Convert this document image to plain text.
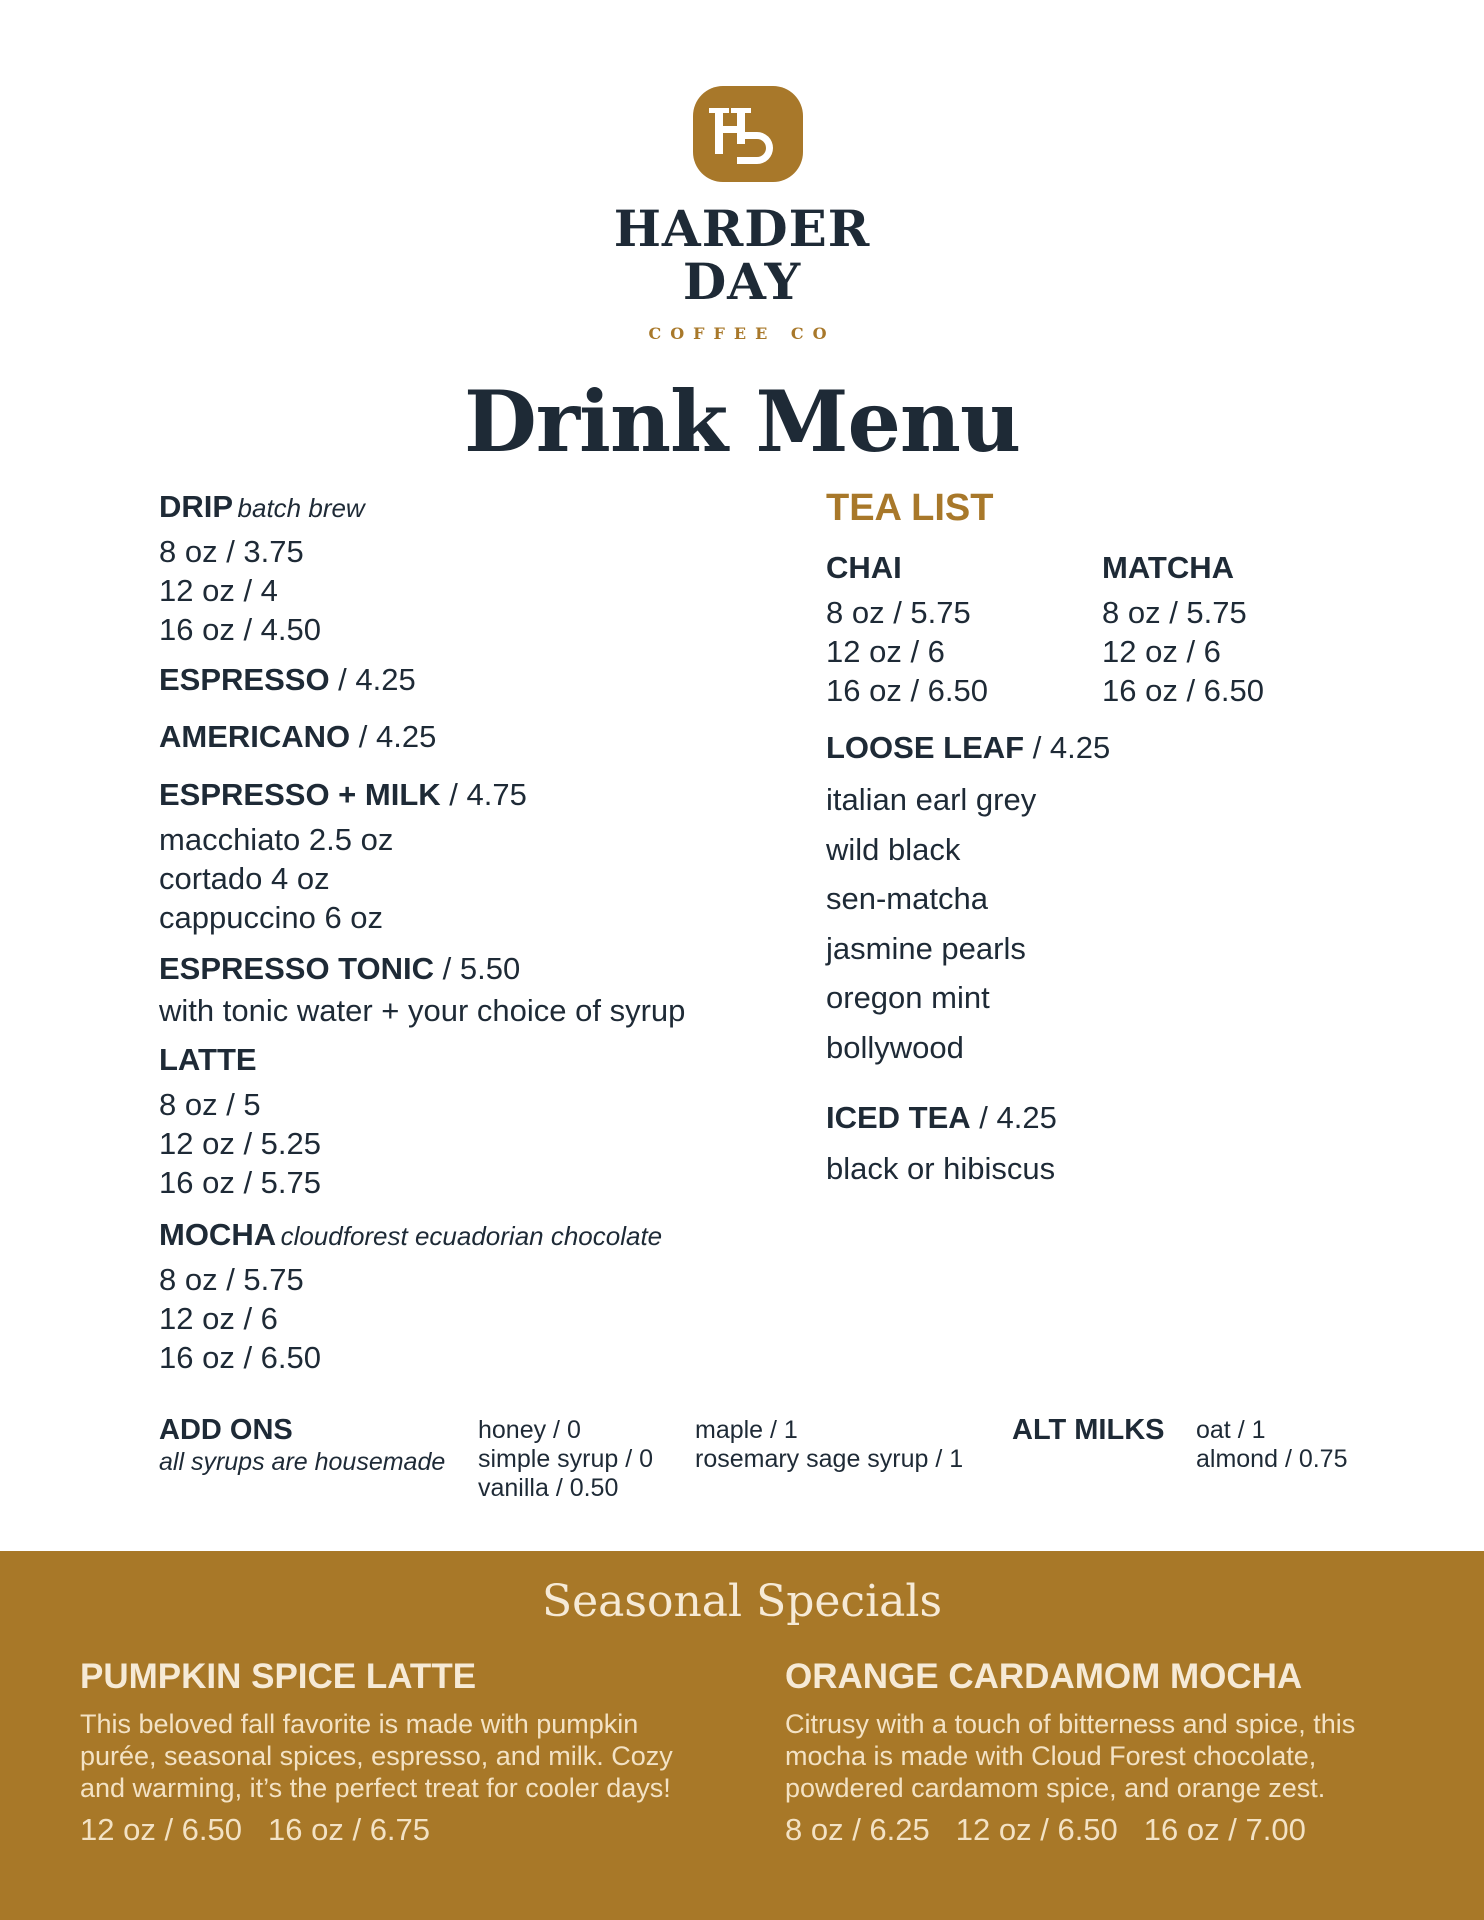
HARDER
DAY
COFFEE CO
Drink Menu
DRIP batch brew
8 oz / 3.75
12 oz / 4
16 oz / 4.50
ESPRESSO / 4.25
AMERICANO / 4.25
ESPRESSO + MILK / 4.75
macchiato 2.5 oz
cortado 4 oz
cappuccino 6 oz
ESPRESSO TONIC / 5.50
with tonic water + your choice of syrup
LATTE
8 oz / 5
12 oz / 5.25
16 oz / 5.75
MOCHA cloudforest ecuadorian chocolate
8 oz / 5.75
12 oz / 6
16 oz / 6.50
TEA LIST
CHAI
8 oz / 5.75
12 oz / 6
16 oz / 6.50
MATCHA
8 oz / 5.75
12 oz / 6
16 oz / 6.50
LOOSE LEAF / 4.25
italian earl grey
wild black
sen-matcha
jasmine pearls
oregon mint
bollywood
ICED TEA / 4.25
black or hibiscus
ADD ONS
all syrups are housemade
honey / 0
simple syrup / 0
vanilla / 0.50
maple / 1
rosemary sage syrup / 1
ALT MILKS oat / 1
almond / 0.75
Seasonal Specials
PUMPKIN SPICE LATTE
This beloved fall favorite is made with pumpkin
purée, seasonal spices, espresso, and milk. Cozy
and warming, it’s the perfect treat for cooler days!
12 oz / 6.50 16 oz / 6.75
ORANGE CARDAMOM MOCHA
Citrusy with a touch of bitterness and spice, this
mocha is made with Cloud Forest chocolate,
powdered cardamom spice, and orange zest.
8 oz / 6.25 12 oz / 6.50 16 oz / 7.00
